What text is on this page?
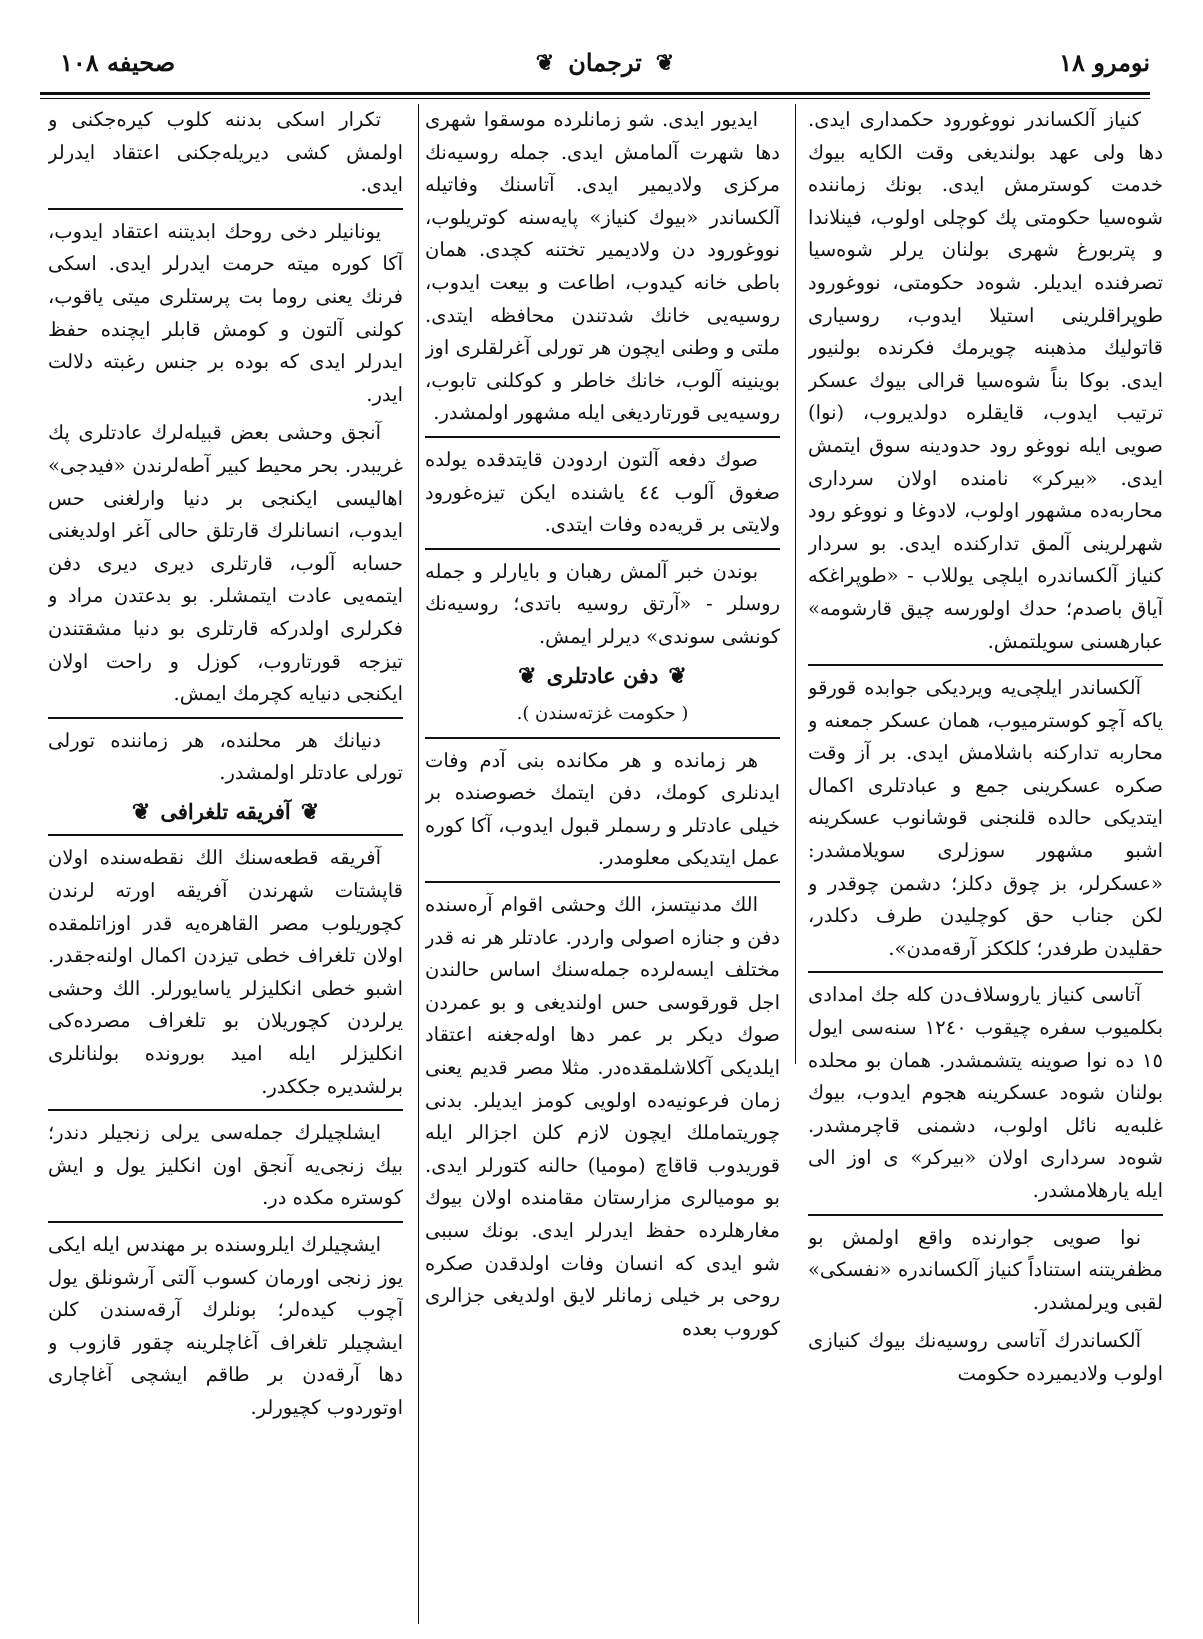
نومرو ١٨
❦
ترجمان
❦
صحيفه ١٠٨

كنياز آلكساندر نووغورود حكمداری ايدی. دها ولی عهد بولنديغی وقت الكايه بيوك خدمت كوسترمش ايدی. بونك زماننده شوه‌سيا حكومتی پك كوچلی اولوب، فينلاندا و پتربورغ شهری بولنان يرلر شوه‌سيا تصرفنده ايديلر. شوه‌د حكومتی، نووغورود طوپراقلرينی استيلا ايدوب، روسياری قاتوليك مذهبنه چويرمك فكرنده بولنيور ايدی. بوكا بناً شوه‌سيا قرالی بيوك عسكر ترتيب ايدوب، قايقلره دولديروب، (نوا) صويی ايله نووغو رود حدودينه سوق ايتمش ايدی. «بيركر» نامنده اولان سرداری محاربه‌ده مشهور اولوب، لادوغا و نووغو رود شهرلرينی آلمق تداركنده ايدی. بو سردار كنياز آلكساندره ايلچی يوللاب - «طوپراغكه آياق باصدم؛ حدك اولورسه چيق قارشومه» عبارهسنی سويلتمش.

آلكساندر ايلچی‌يه ويرديكی جوابده قورقو ياكه آچو كوسترميوب، همان عسكر جمعنه و محاربه تداركنه باشلامش ايدی. بر آز وقت صكره عسكرينی جمع و عبادتلری اكمال ايتديكی حالده قلنجنی قوشانوب عسكرينه اشبو مشهور سوزلری سويلامشدر: «عسكرلر، بز چوق دكلز؛ دشمن چوقدر و لكن جناب حق كوچليدن طرف دكلدر، حقليدن طرفدر؛ كلككز آرقه‌مدن».

آتاسی كنياز ياروسلاف‌دن كله جك امدادی بكلميوب سفره چيقوب ١٢٤٠ سنه‌سی ايول ١٥ ده نوا صوينه يتشمشدر. همان بو محلده بولنان شوه‌د عسكرينه هجوم ايدوب، بيوك غلبه‌يه نائل اولوب، دشمنی قاچرمشدر. شوه‌د سرداری اولان «بيركر» ی اوز الی ايله يارهلامشدر.

نوا صويی جوارنده واقع اولمش بو مظفريتنه استناداً كنياز آلكساندره «نفسكی» لقبی ويرلمشدر.

آلكساندرك آتاسی روسيه‌نك بيوك كنيازی اولوب ولاديميرده حكومت

ايديور ايدی. شو زمانلرده موسقوا شهری دها شهرت آلمامش ايدی. جمله روسيه‌نك مركزی ولاديمير ايدی. آتاسنك وفاتيله آلكساندر «بيوك كنياز» پايه‌سنه كوتريلوب، نووغورود دن ولاديمير تختنه كچدی. همان باطی خانه كيدوب، اطاعت و بيعت ايدوب، روسيه‌يی خانك شدتندن محافظه ايتدی. ملتی و وطنی ايچون هر تورلی آغرلقلری اوز بوينينه آلوب، خانك خاطر و كوكلنی تابوب، روسيه‌يی قورتارديغی ايله مشهور اولمشدر.

صوك دفعه آلتون اردودن قايتدقده يولده صغوق آلوب ٤٤ ياشنده ايكن تيزه‌غورود ولايتی بر قريه‌ده وفات ايتدی.

بوندن خبر آلمش رهبان و بايارلر و جمله روسلر - «آرتق روسيه باتدی؛ روسيه‌نك كونشی سوندی» ديرلر ايمش.

❦
دفن عادتلری
❦
( حكومت غزته‌سندن ).

هر زمانده و هر مكانده بنی آدم وفات ايدنلری كومك، دفن ايتمك خصوصنده بر خيلی عادتلر و رسملر قبول ايدوب، آكا كوره عمل ايتديكی معلومدر.

الك مدنيتسز، الك وحشی اقوام آره‌سنده دفن و جنازه اصولی واردر. عادتلر هر نه قدر مختلف ايسه‌لرده جمله‌سنك اساس حالندن اجل قورقوسی حس اولنديغی و بو عمردن صوك ديكر بر عمر دها اوله‌جغنه اعتقاد ايلديكی آكلاشلمقده‌در. مثلا مصر قديم يعنی زمان فرعونيه‌ده اولويی كومز ايديلر. بدنی چوريتماملك ايچون لازم كلن اجزالر ايله قوريدوب قاقاچ (موميا) حالنه كتورلر ايدی. بو موميالری مزارستان مقامنده اولان بيوك مغارهلرده حفظ ايدرلر ايدی. بونك سببی شو ايدی كه انسان وفات اولدقدن صكره روحی بر خيلی زمانلر لايق اولديغی جزالری كوروب بعده

تكرار اسكی بدننه كلوب كيره‌جكنی و اولمش كشی ديريله‌جكنی اعتقاد ايدرلر ايدی.

يونانيلر دخی روحك ابديتنه اعتقاد ايدوب، آكا كوره ميته حرمت ايدرلر ايدی. اسكی فرنك يعنی روما بت پرستلری ميتی ياقوب، كولنی آلتون و كومش قابلر ايچنده حفظ ايدرلر ايدی كه بوده بر جنس رغبته دلالت ايدر.

آنجق وحشی بعض قبيله‌لرك عادتلری پك غريبدر. بحر محيط كبير آطه‌لرندن «فيدجی» اهاليسی ايكنجی بر دنيا وارلغنی حس ايدوب، انسانلرك قارتلق حالی آغر اولديغنی حسابه آلوب، قارتلری ديری ديری دفن ايتمه‌يی عادت ايتمشلر. بو بدعتدن مراد و فكرلری اولدركه قارتلری بو دنيا مشقتندن تيزجه قورتاروب، كوزل و راحت اولان ايكنجی دنيايه كچرمك ايمش.

دنيانك هر محلنده، هر زماننده تورلی تورلی عادتلر اولمشدر.

❦
آفريقه تلغرافی
❦

آفريقه قطعه‌سنك الك نقطه‌سنده اولان قاپشتات شهرندن آفريقه اورته لرندن كچوريلوب مصر القاهره‌يه قدر اوزاتلمقده اولان تلغراف خطی تيزدن اكمال اولنه‌جقدر. اشبو خطی انكليزلر ياسايورلر. الك وحشی يرلردن كچوريلان بو تلغراف مصرده‌كی انكليزلر ايله اميد بورونده بولنانلری برلشديره جككدر.

ايشلچيلرك جمله‌سی يرلی زنجيلر دندر؛ بيك زنجی‌يه آنجق اون انكليز يول و ايش كوستره مكده در.

ايشچيلرك ايلرو‌سنده بر مهندس ايله ايكی يوز زنجی اورمان كسوب آلتی آرشونلق يول آچوب كيده‌لر؛ بونلرك آرقه‌سندن كلن ايشچيلر تلغراف آغاچلرينه چقور قازوب و دها آرقه‌دن بر طاقم ايشچی آغاچاری اوتوردوب كچيورلر.
